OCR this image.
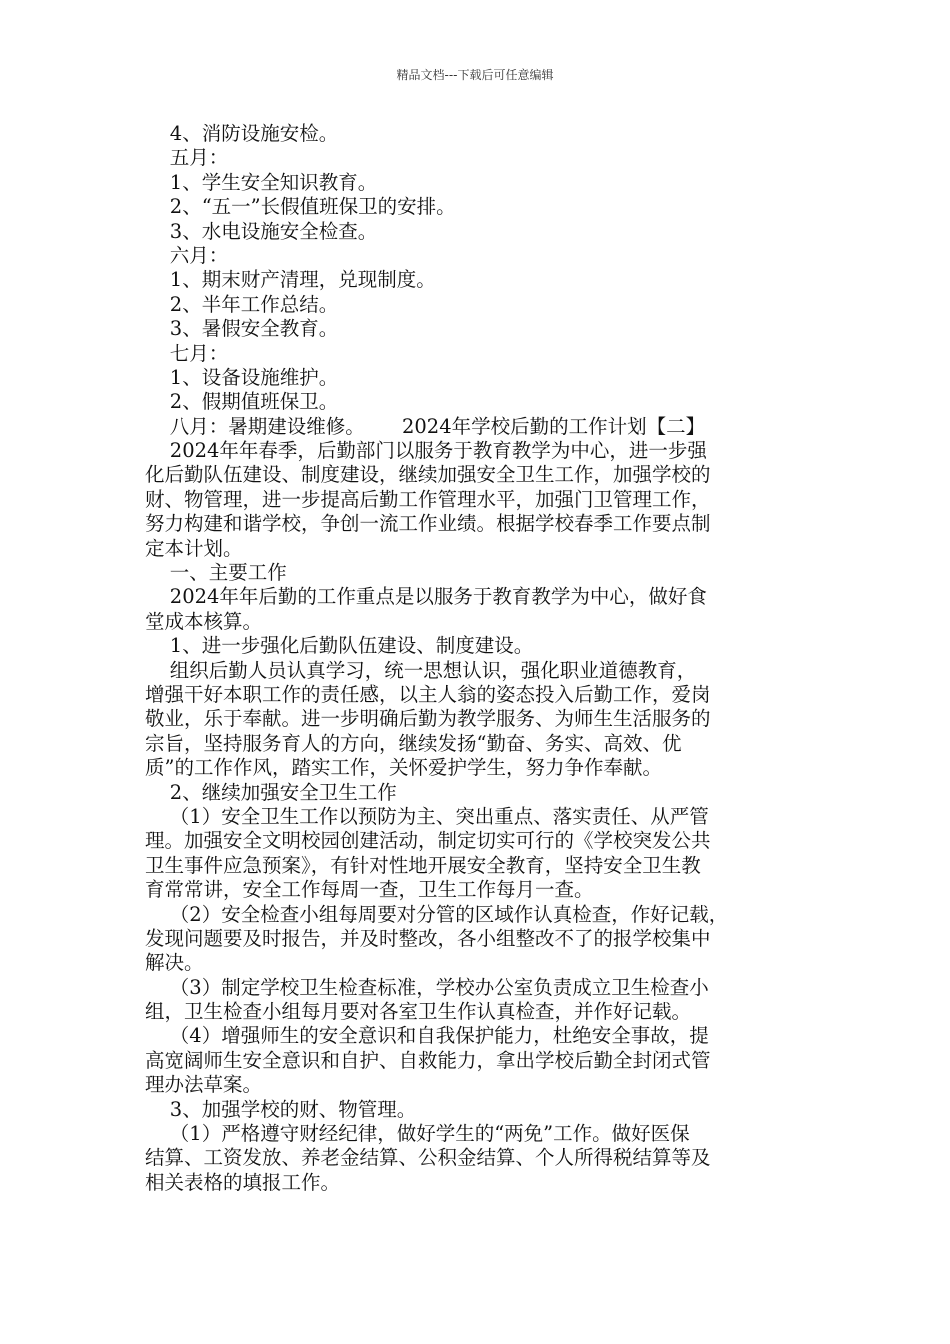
精品文档---下载后可任意编辑
4、消防设施安检。
五月：
1、学生安全知识教育。
2、“五一”长假值班保卫的安排。
3、水电设施安全检查。
六月：
1、期末财产清理，兑现制度。
2、半年工作总结。
3、暑假安全教育。
七月：
1、设备设施维护。
2、假期值班保卫。
八月：暑期建设维修。      2024年学校后勤的工作计划【二】
2024年年春季，后勤部门以服务于教育教学为中心，进一步强
化后勤队伍建设、制度建设，继续加强安全卫生工作，加强学校的
财、物管理，进一步提高后勤工作管理水平，加强门卫管理工作，
努力构建和谐学校，争创一流工作业绩。根据学校春季工作要点制
定本计划。
一、主要工作
2024年年后勤的工作重点是以服务于教育教学为中心，做好食
堂成本核算。
1、进一步强化后勤队伍建设、制度建设。
组织后勤人员认真学习，统一思想认识，强化职业道德教育，
增强干好本职工作的责任感，以主人翁的姿态投入后勤工作，爱岗
敬业，乐于奉献。进一步明确后勤为教学服务、为师生生活服务的
宗旨，坚持服务育人的方向，继续发扬“勤奋、务实、高效、优
质”的工作作风，踏实工作，关怀爱护学生，努力争作奉献。
2、继续加强安全卫生工作
（1）安全卫生工作以预防为主、突出重点、落实责任、从严管
理。加强安全文明校园创建活动，制定切实可行的《学校突发公共
卫生事件应急预案》，有针对性地开展安全教育，坚持安全卫生教
育常常讲，安全工作每周一查，卫生工作每月一查。
（2）安全检查小组每周要对分管的区域作认真检查，作好记载，
发现问题要及时报告，并及时整改，各小组整改不了的报学校集中
解决。
（3）制定学校卫生检查标准，学校办公室负责成立卫生检查小
组，卫生检查小组每月要对各室卫生作认真检查，并作好记载。
（4）增强师生的安全意识和自我保护能力，杜绝安全事故，提
高宽阔师生安全意识和自护、自救能力，拿出学校后勤全封闭式管
理办法草案。
3、加强学校的财、物管理。
（1）严格遵守财经纪律，做好学生的“两免”工作。做好医保
结算、工资发放、养老金结算、公积金结算、个人所得税结算等及
相关表格的填报工作。
